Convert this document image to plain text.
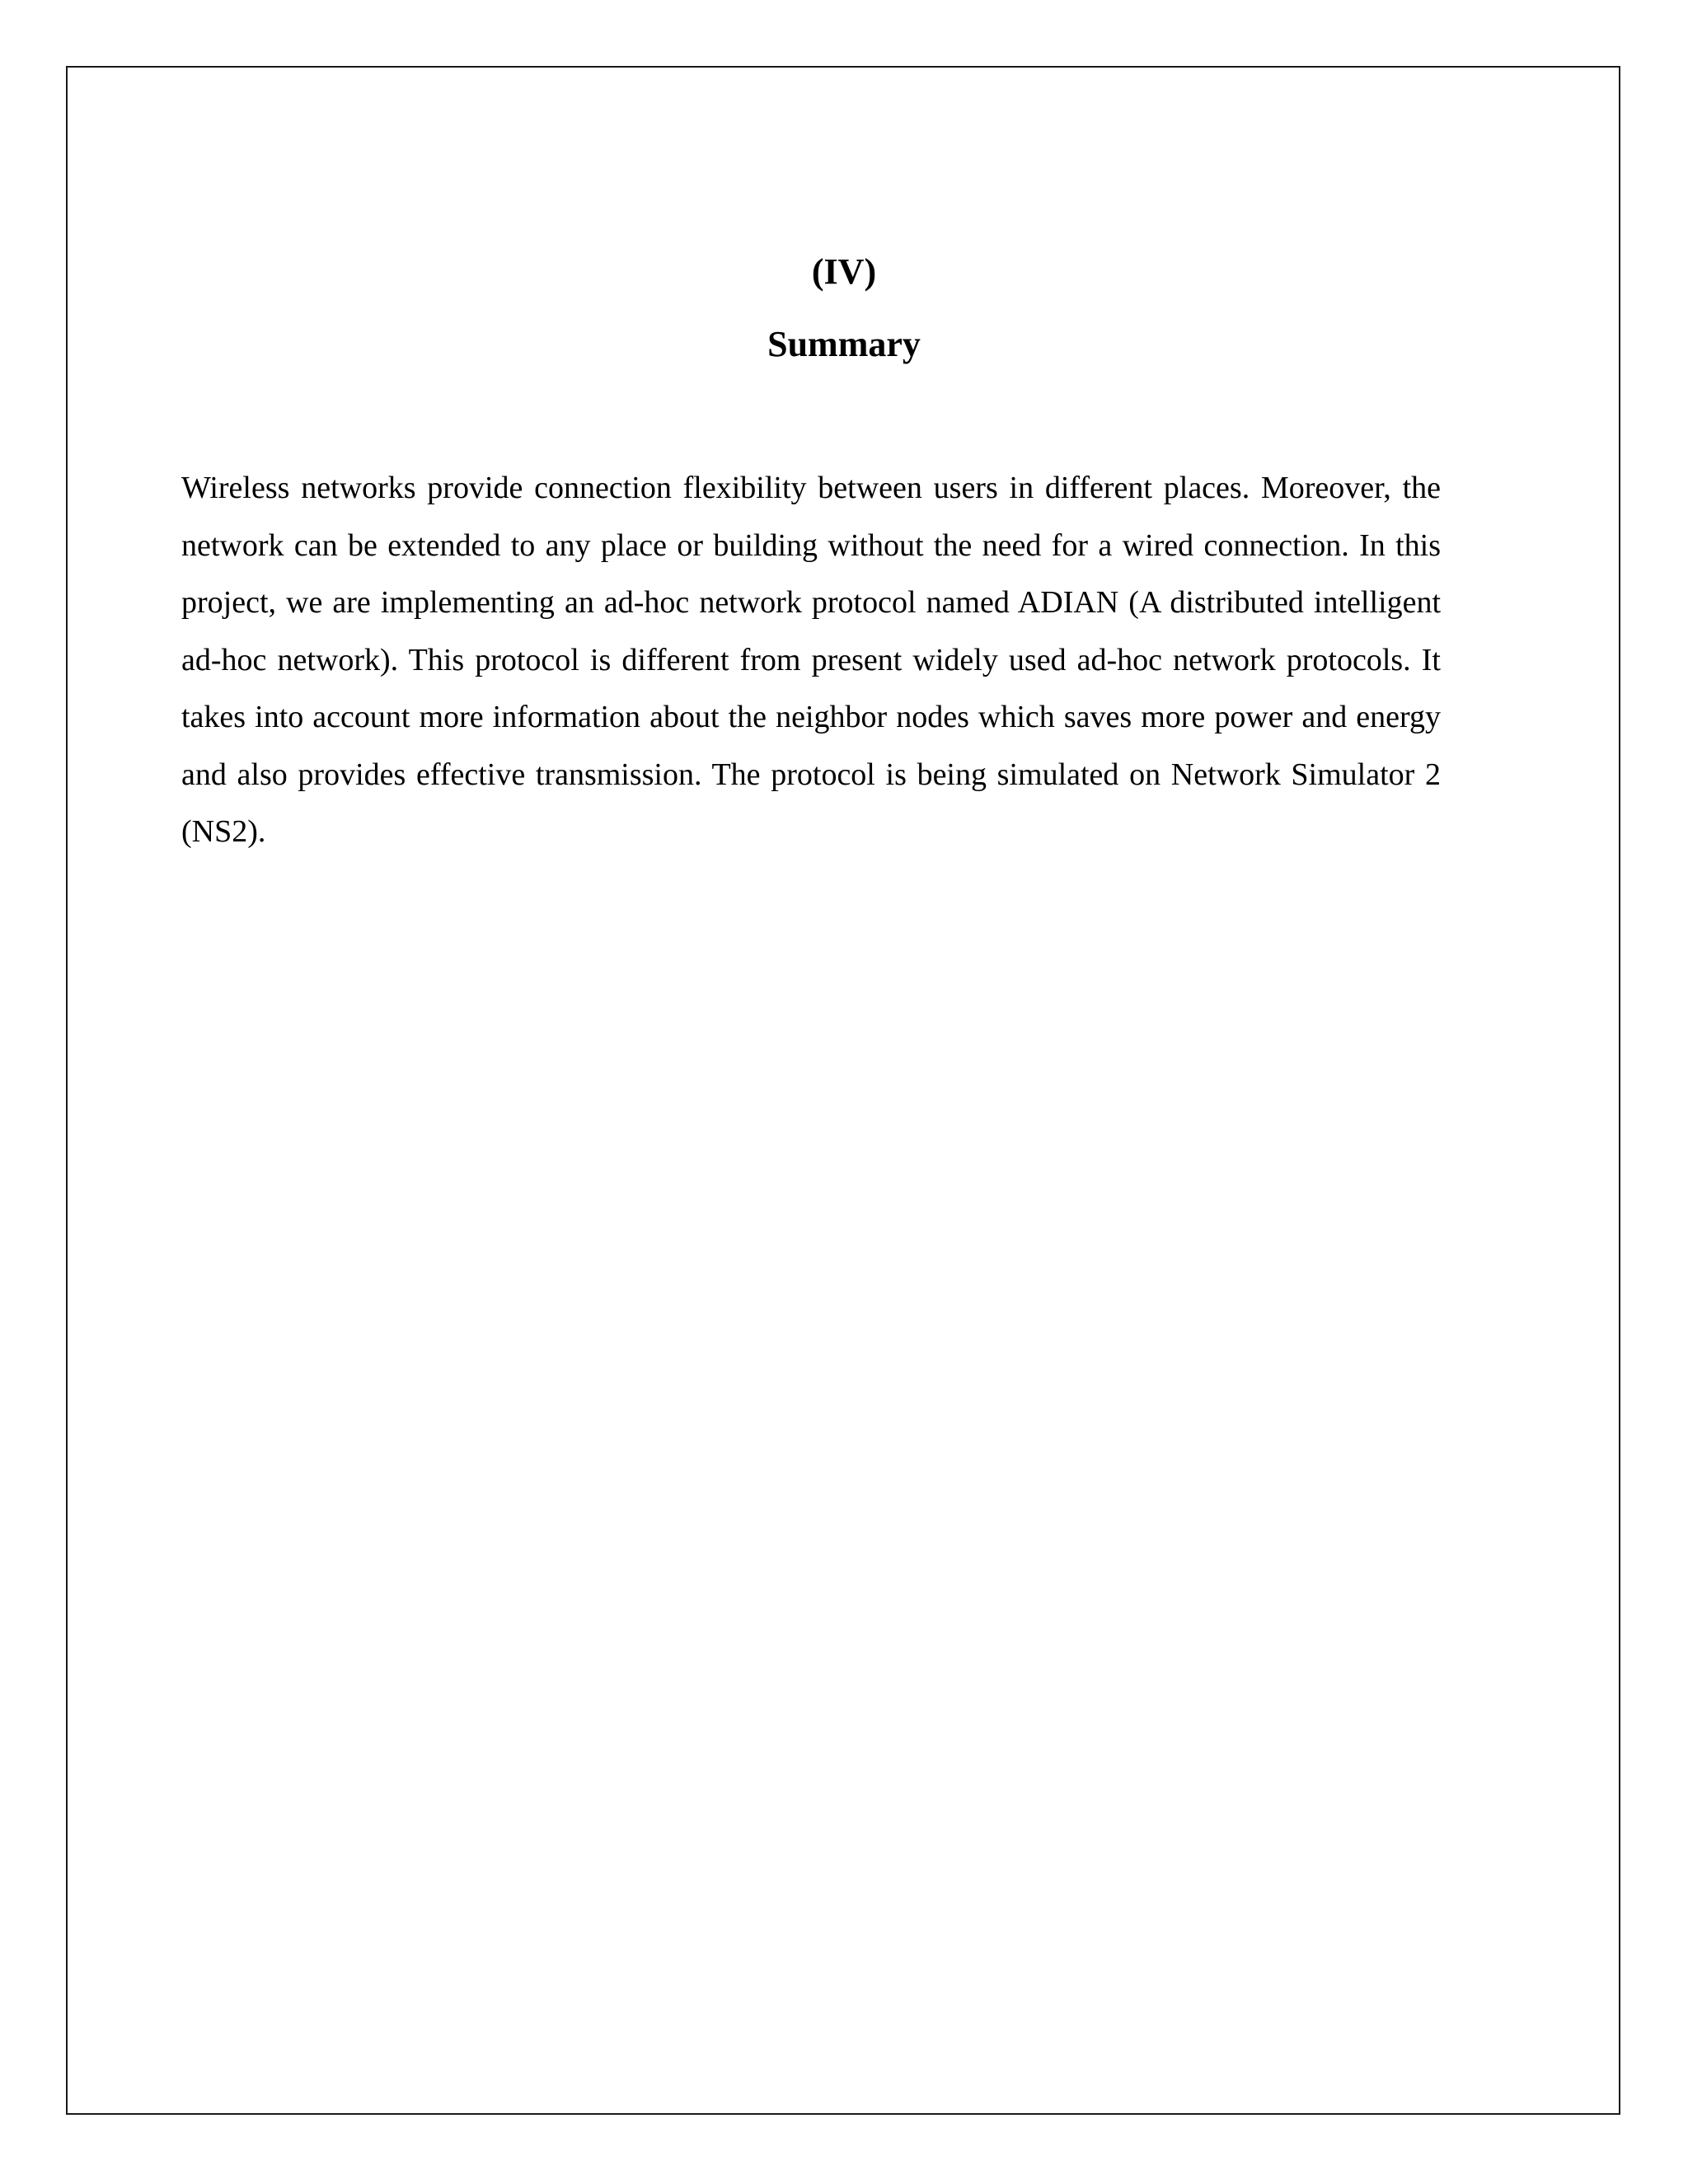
(IV)
Summary

Wireless networks provide connection flexibility between users in different places. Moreover, the network can be extended to any place or building without the need for a wired connection. In this project, we are implementing an ad-hoc network protocol named ADIAN (A distributed intelligent ad-hoc network). This protocol is different from present widely used ad-hoc network protocols. It takes into account more information about the neighbor nodes which saves more power and energy and also provides effective transmission. The protocol is being simulated on Network Simulator 2 (NS2).
